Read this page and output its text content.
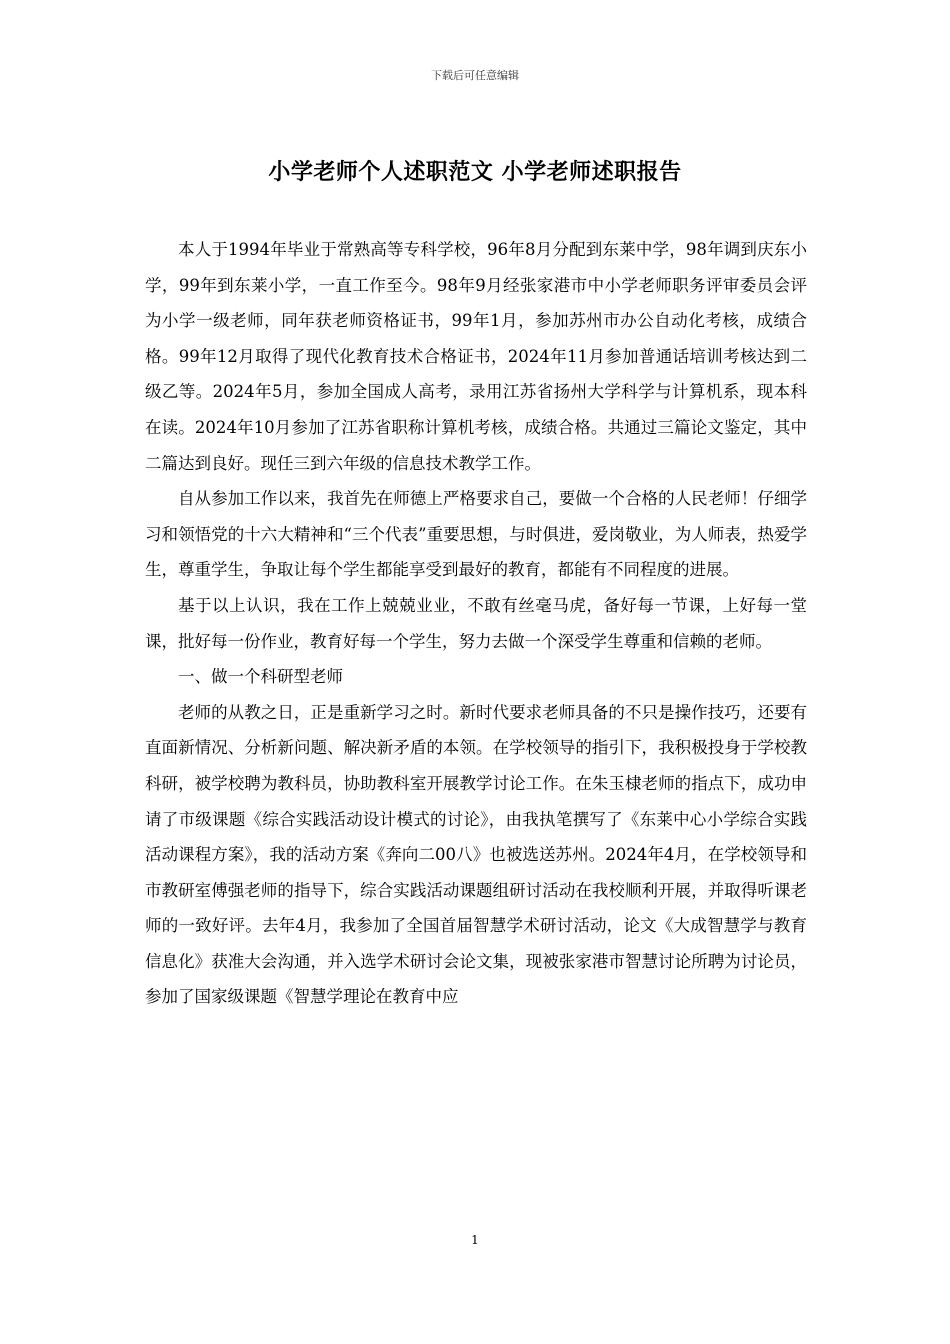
下载后可任意编辑
小学老师个人述职范文 小学老师述职报告

本人于1994年毕业于常熟高等专科学校，96年8月分配到东莱中学，98年调到庆东小学，99年到东莱小学，一直工作至今。98年9月经张家港市中小学老师职务评审委员会评为小学一级老师，同年获老师资格证书，99年1月，参加苏州市办公自动化考核，成绩合格。99年12月取得了现代化教育技术合格证书，2024年11月参加普通话培训考核达到二级乙等。2024年5月，参加全国成人高考，录用江苏省扬州大学科学与计算机系，现本科在读。2024年10月参加了江苏省职称计算机考核，成绩合格。共通过三篇论文鉴定，其中二篇达到良好。现任三到六年级的信息技术教学工作。

自从参加工作以来，我首先在师德上严格要求自己，要做一个合格的人民老师！仔细学习和领悟党的十六大精神和“三个代表”重要思想，与时俱进，爱岗敬业，为人师表，热爱学生，尊重学生，争取让每个学生都能享受到最好的教育，都能有不同程度的进展。

基于以上认识，我在工作上兢兢业业，不敢有丝毫马虎，备好每一节课，上好每一堂课，批好每一份作业，教育好每一个学生，努力去做一个深受学生尊重和信赖的老师。

一、做一个科研型老师

老师的从教之日，正是重新学习之时。新时代要求老师具备的不只是操作技巧，还要有直面新情况、分析新问题、解决新矛盾的本领。在学校领导的指引下，我积极投身于学校教科研，被学校聘为教科员，协助教科室开展教学讨论工作。在朱玉棣老师的指点下，成功申请了市级课题《综合实践活动设计模式的讨论》，由我执笔撰写了《东莱中心小学综合实践活动课程方案》，我的活动方案《奔向二00八》也被选送苏州。2024年4月，在学校领导和市教研室傅强老师的指导下，综合实践活动课题组研讨活动在我校顺利开展，并取得听课老师的一致好评。去年4月，我参加了全国首届智慧学术研讨活动，论文《大成智慧学与教育信息化》获准大会沟通，并入选学术研讨会论文集，现被张家港市智慧讨论所聘为讨论员，参加了国家级课题《智慧学理论在教育中应

1
